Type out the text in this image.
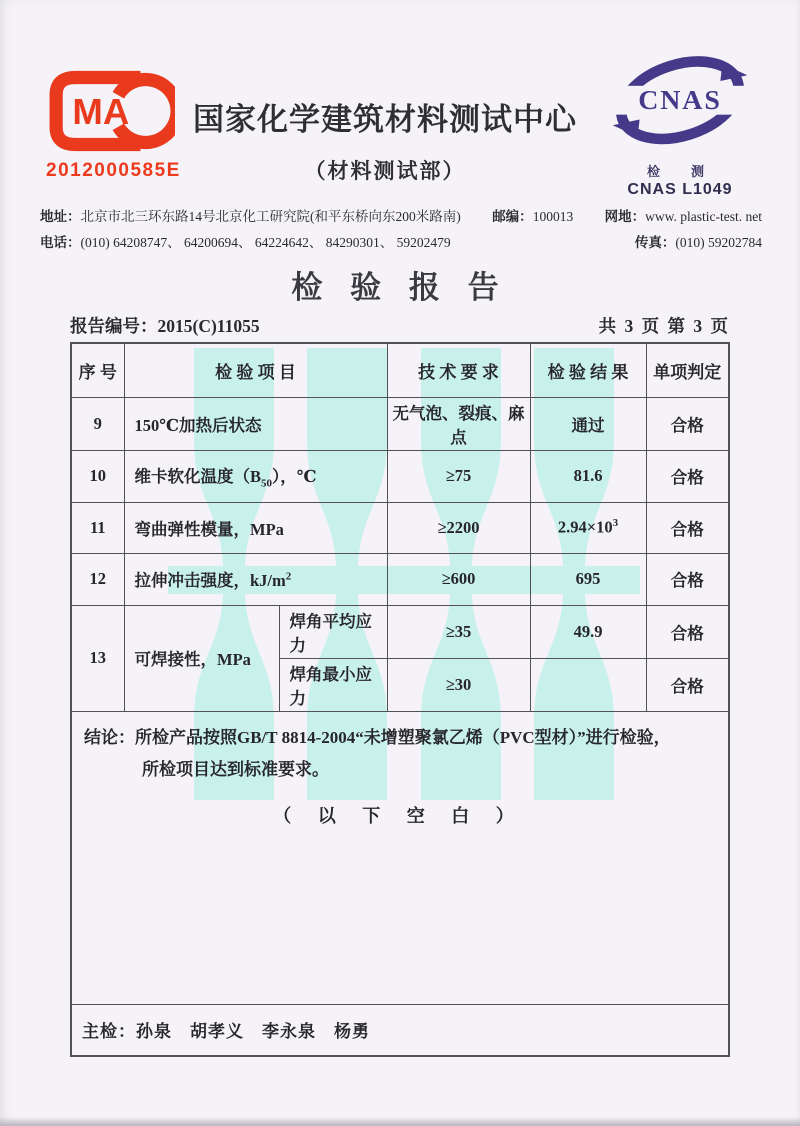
MA
2012000585E
国家化学建筑材料测试中心
（材料测试部）
CNAS
检　测
CNAS L1049
地址：北京市北三环东路14号北京化工研究院(和平东桥向东200米路南) 邮编：100013 网地：www. plastic-test. net
电话：(010) 64208747、 64200694、 64224642、 84290301、 59202479	传真：(010) 59202784
检 验 报 告
报告编号：2015(C)11055	共 3 页 第 3 页
序 号	检 验 项 目		技 术 要 求	检 验 结 果	单项判定
9	150℃加热后状态		无气泡、裂痕、麻点	通过	合格
10	维卡软化温度$(B_{50})$，℃		≥75	81.6	合格
11	弯曲弹性模量，MPa		≥2200	$2.94\times 10^3$	合格
12	拉伸冲击强度，$kJ/m^2$		≥600	695	合格
13	可焊接性，MPa	焊角平均应力	≥35	49.9	合格
		焊角最小应力	≥30		合格

结论：所检产品按照GB/T 8814-2004“未增塑聚氯乙烯（PVC型材）”进行检验，
所检项目达到标准要求。
（ 以 下 空 白 ）					

主检：孙泉　胡孝义　李永泉　杨勇					
